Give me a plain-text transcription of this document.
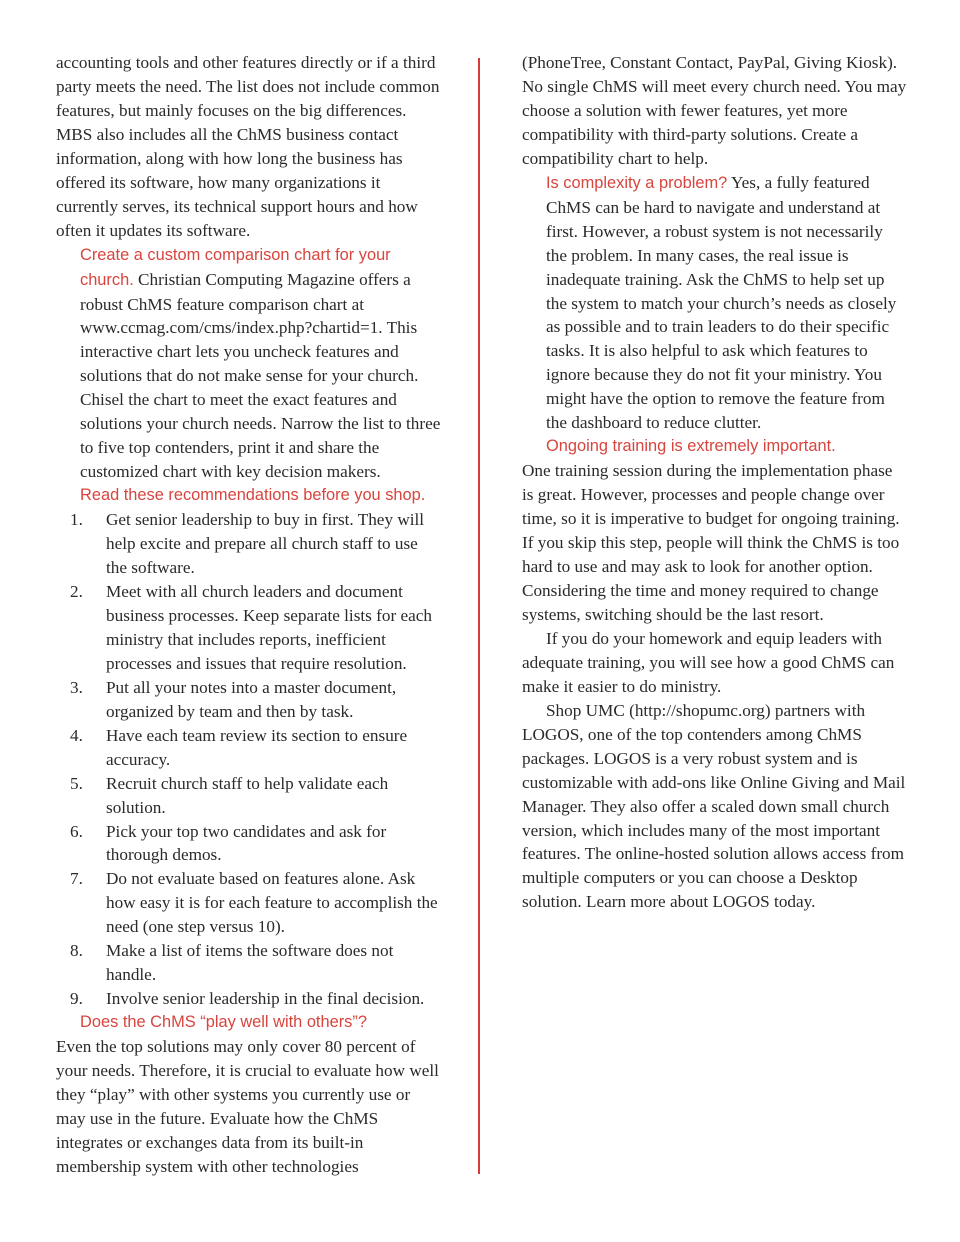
accounting tools and other features directly or if a third party meets the need. The list does not include common features, but mainly focuses on the big differences. MBS also includes all the ChMS business contact information, along with how long the business has offered its software, how many organizations it currently serves, its technical support hours and how often it updates its software.

Create a custom comparison chart for your church. Christian Computing Magazine offers a robust ChMS feature comparison chart at www.ccmag.com/cms/index.php?chartid=1. This interactive chart lets you uncheck features and solutions that do not make sense for your church. Chisel the chart to meet the exact features and solutions your church needs. Narrow the list to three to five top contenders, print it and share the customized chart with key decision makers.

Read these recommendations before you shop.

1.	Get senior leadership to buy in first. They will help excite and prepare all church staff to use the software.
2.	Meet with all church leaders and document business processes. Keep separate lists for each ministry that includes reports, inefficient processes and issues that require resolution.
3.	Put all your notes into a master document, organized by team and then by task.
4.	Have each team review its section to ensure accuracy.
5.	Recruit church staff to help validate each solution.
6.	Pick your top two candidates and ask for thorough demos.
7.	Do not evaluate based on features alone. Ask how easy it is for each feature to accomplish the need (one step versus 10).
8.	Make a list of items the software does not handle.
9.	Involve senior leadership in the final decision.

Does the ChMS “play well with others”?

Even the top solutions may only cover 80 percent of your needs. Therefore, it is crucial to evaluate how well they “play” with other systems you currently use or may use in the future. Evaluate how the ChMS integrates or exchanges data from its built-in membership system with other technologies

(PhoneTree, Constant Contact, PayPal, Giving Kiosk). No single ChMS will meet every church need. You may choose a solution with fewer features, yet more compatibility with third-party solutions. Create a compatibility chart to help.

Is complexity a problem? Yes, a fully featured ChMS can be hard to navigate and understand at first. However, a robust system is not necessarily the problem. In many cases, the real issue is inadequate training. Ask the ChMS to help set up the system to match your church’s needs as closely as possible and to train leaders to do their specific tasks. It is also helpful to ask which features to ignore because they do not fit your ministry. You might have the option to remove the feature from the dashboard to reduce clutter.

Ongoing training is extremely important.

One training session during the implementation phase is great. However, processes and people change over time, so it is imperative to budget for ongoing training. If you skip this step, people will think the ChMS is too hard to use and may ask to look for another option. Considering the time and money required to change systems, switching should be the last resort.

If you do your homework and equip leaders with adequate training, you will see how a good ChMS can make it easier to do ministry.

Shop UMC (http://shopumc.org) partners with LOGOS, one of the top contenders among ChMS packages. LOGOS is a very robust system and is customizable with add-ons like Online Giving and Mail Manager. They also offer a scaled down small church version, which includes many of the most important features. The online-hosted solution allows access from multiple computers or you can choose a Desktop solution. Learn more about LOGOS today.
